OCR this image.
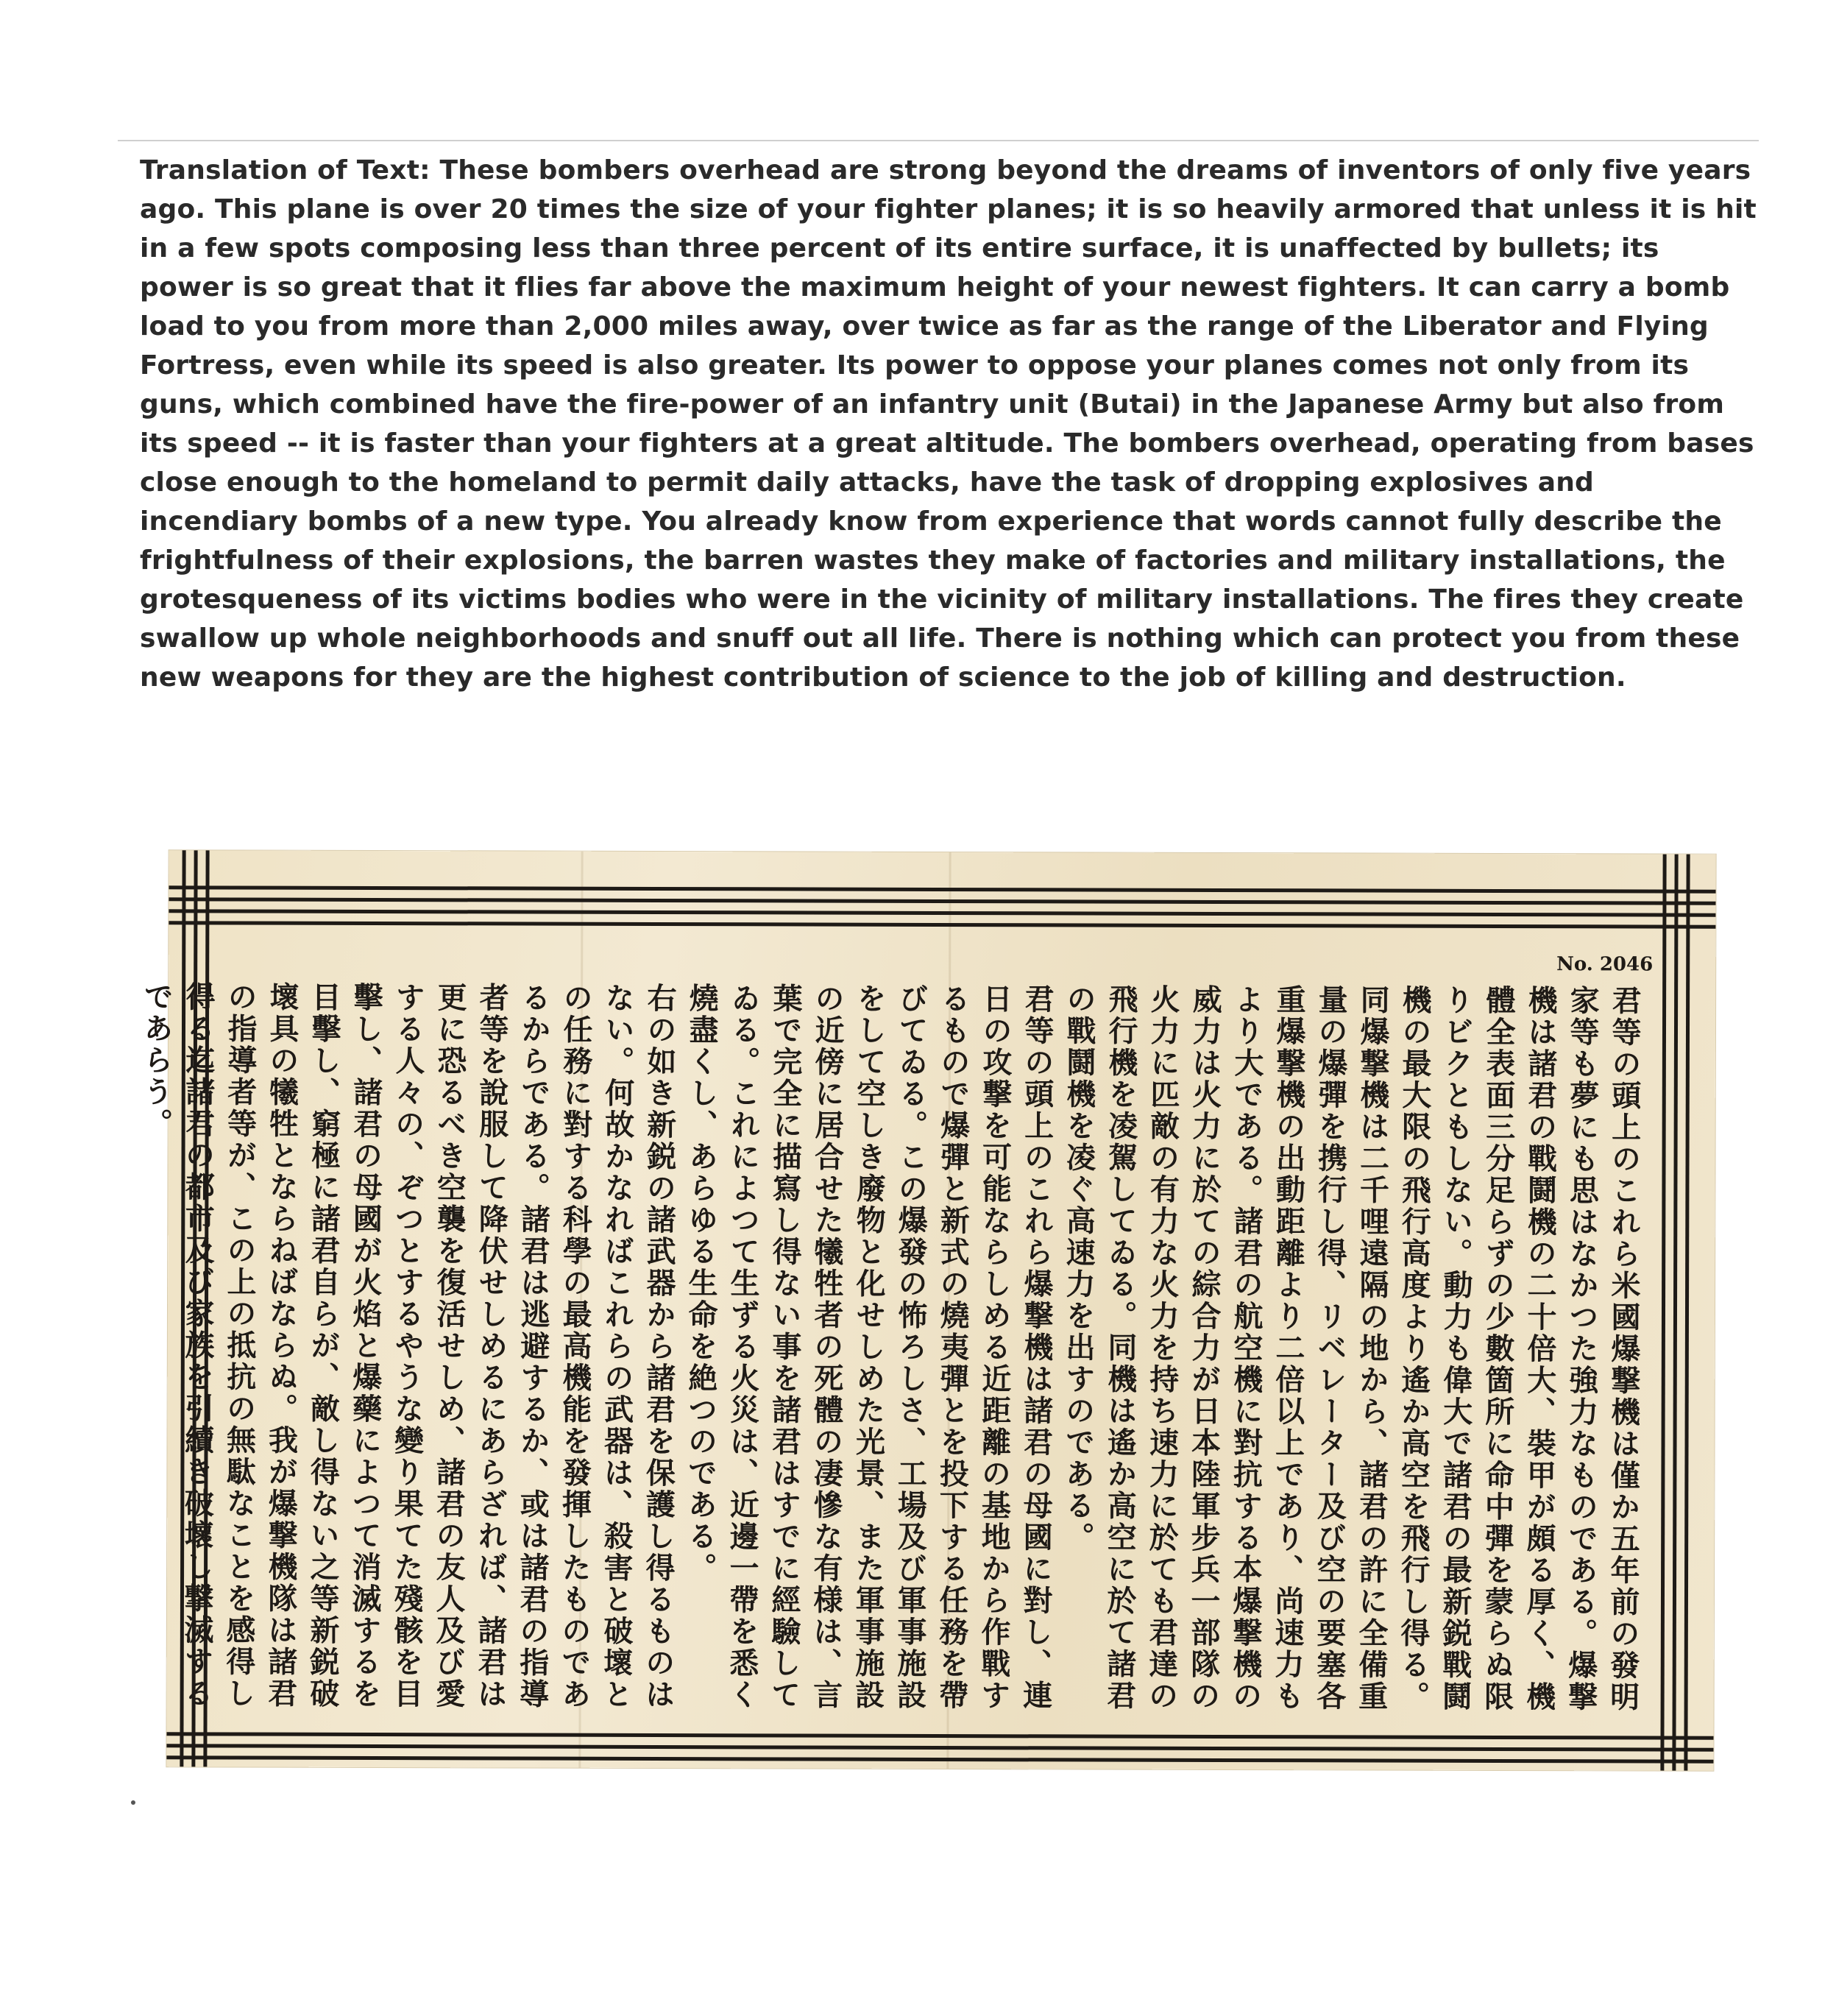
Translation of Text: These bombers overhead are strong beyond the dreams of inventors of only five years ago. This plane is over 20 times the size of your fighter planes; it is so heavily armored that unless it is hit in a few spots composing less than three percent of its entire surface, it is unaffected by bullets; its power is so great that it flies far above the maximum height of your newest fighters. It can carry a bomb load to you from more than 2,000 miles away, over twice as far as the range of the Liberator and Flying Fortress, even while its speed is also greater. Its power to oppose your planes comes not only from its guns, which combined have the fire-power of an infantry unit (Butai) in the Japanese Army but also from its speed -- it is faster than your fighters at a great altitude. The bombers overhead, operating from bases close enough to the homeland to permit daily attacks, have the task of dropping explosives and incendiary bombs of a new type. You already know from experience that words cannot fully describe the frightfulness of their explosions, the barren wastes they make of factories and military installations, the grotesqueness of its victims bodies who were in the vicinity of military installations. The fires they create swallow up whole neighborhoods and snuff out all life. There is nothing which can protect you from these new weapons for they are the highest contribution of science to the job of killing and destruction.

No. 2046

君等の頭上のこれら米國爆撃機は僅か五年前の發明家等も夢にも思はなかつた強力なものである。爆撃機は諸君の戰鬪機の二十倍大、裝甲が頗る厚く、機體全表面三分足らずの少數箇所に命中彈を蒙らぬ限りビクともしない。動力も偉大で諸君の最新鋭戰鬪機の最大限の飛行高度より遙か高空を飛行し得る。同爆撃機は二千哩遠隔の地から、諸君の許に全備重量の爆彈を携行し得、リベレーター及び空の要塞各重爆撃機の出動距離より二倍以上であり、尚速力もより大である。諸君の航空機に對抗する本爆撃機の威力は火力に於ての綜合力が日本陸軍步兵一部隊の火力に匹敵の有力な火力を持ち速力に於ても君達の飛行機を凌駕してゐる。同機は遙か高空に於て諸君の戰鬪機を凌ぐ高速力を出すのである。

君等の頭上のこれら爆撃機は諸君の母國に對し、連日の攻撃を可能ならしめる近距離の基地から作戰するもので爆彈と新式の燒夷彈とを投下する任務を帶びてゐる。この爆發の怖ろしさ、工場及び軍事施設をして空しき廢物と化せしめた光景、また軍事施設の近傍に居合せた犧牲者の死體の凄慘な有様は、言葉で完全に描寫し得ない事を諸君はすでに經驗してゐる。これによつて生ずる火災は、近邊一帶を悉く燒盡くし、あらゆる生命を絶つのである。

右の如き新鋭の諸武器から諸君を保護し得るものはない。何故かなればこれらの武器は、殺害と破壞との任務に對する科學の最高機能を發揮したものであるからである。諸君は逃避するか、或は諸君の指導者等を說服して降伏せしめるにあらざれば、諸君は更に恐るべき空襲を復活せしめ、諸君の友人及び愛する人々の、ぞつとするやうな變り果てた殘骸を目擊し、諸君の母國が火焰と爆藥によつて消滅するを目擊し、窮極に諸君自らが、敵し得ない之等新鋭破壞具の犧牲とならねばならぬ。我が爆撃機隊は諸君の指導者等が、この上の抵抗の無駄なことを感得し得る迄諸君の都市及び家族を引續き破壞し撃滅するであらう。
